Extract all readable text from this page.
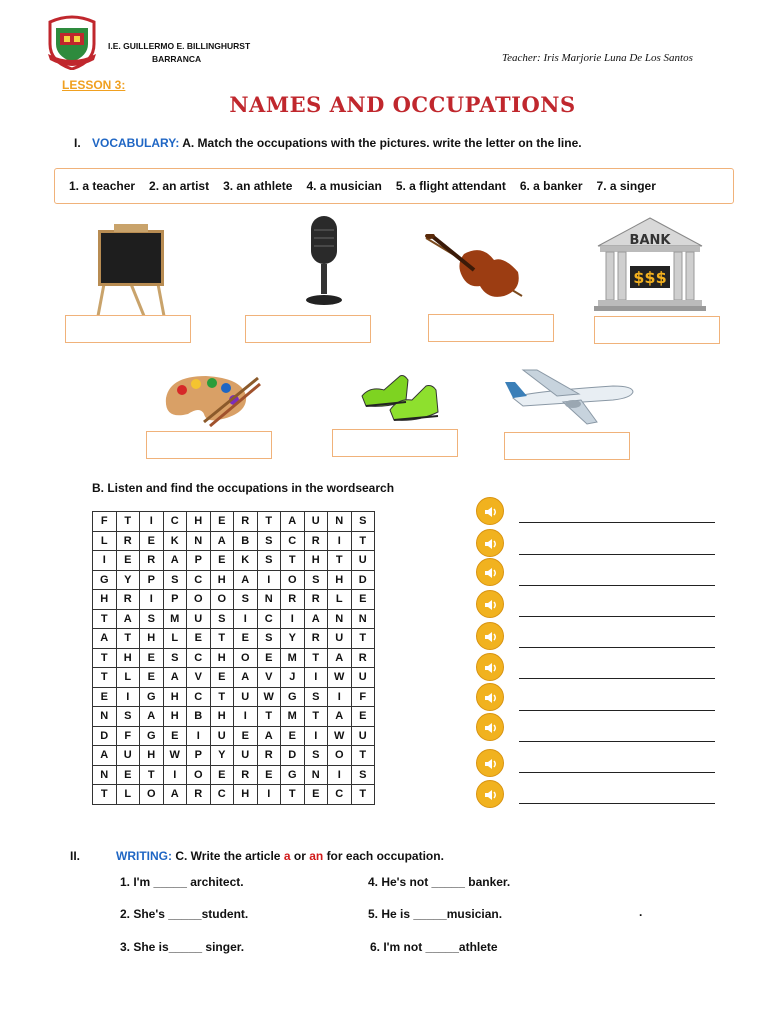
I.E. GUILLERMO E. BILLINGHURST
BARRANCA	Teacher: Iris Marjorie Luna De Los Santos
LESSON 3:
NAMES AND OCCUPATIONS
I. VOCABULARY: A. Match the occupations with the pictures. write the letter on the line.
1. a teacher 2. an artist 3. an athlete 4. a musician 5. a flight attendant 6. a banker 7. a singer
$$$
BANK
B. Listen and find the occupations in the wordsearch
F	T	I	C	H	E	R	T	A	U	N	S
L	R	E	K	N	A	B	S	C	R	I	T
I	E	R	A	P	E	K	S	T	H	T	U
G	Y	P	S	C	H	A	I	O	S	H	D
H	R	I	P	O	O	S	N	R	R	L	E
T	A	S	M	U	S	I	C	I	A	N	N
A	T	H	L	E	T	E	S	Y	R	U	T
T	H	E	S	C	H	O	E	M	T	A	R
T	L	E	A	V	E	A	V	J	I	W	U
E	I	G	H	C	T	U	W	G	S	I	F
N	S	A	H	B	H	I	T	M	T	A	E
D	F	G	E	I	U	E	A	E	I	W	U
A	U	H	W	P	Y	U	R	D	S	O	T
N	E	T	I	O	E	R	E	G	N	I	S
T	L	O	A	R	C	H	I	T	E	C	T
II.	WRITING: C. Write the article a or an for each occupation.
1. I'm _____ architect.	4. He's not _____ banker.
2. She's _____student.	5. He is _____musician.	.
3. She is_____ singer.	6. I'm not _____athlete
